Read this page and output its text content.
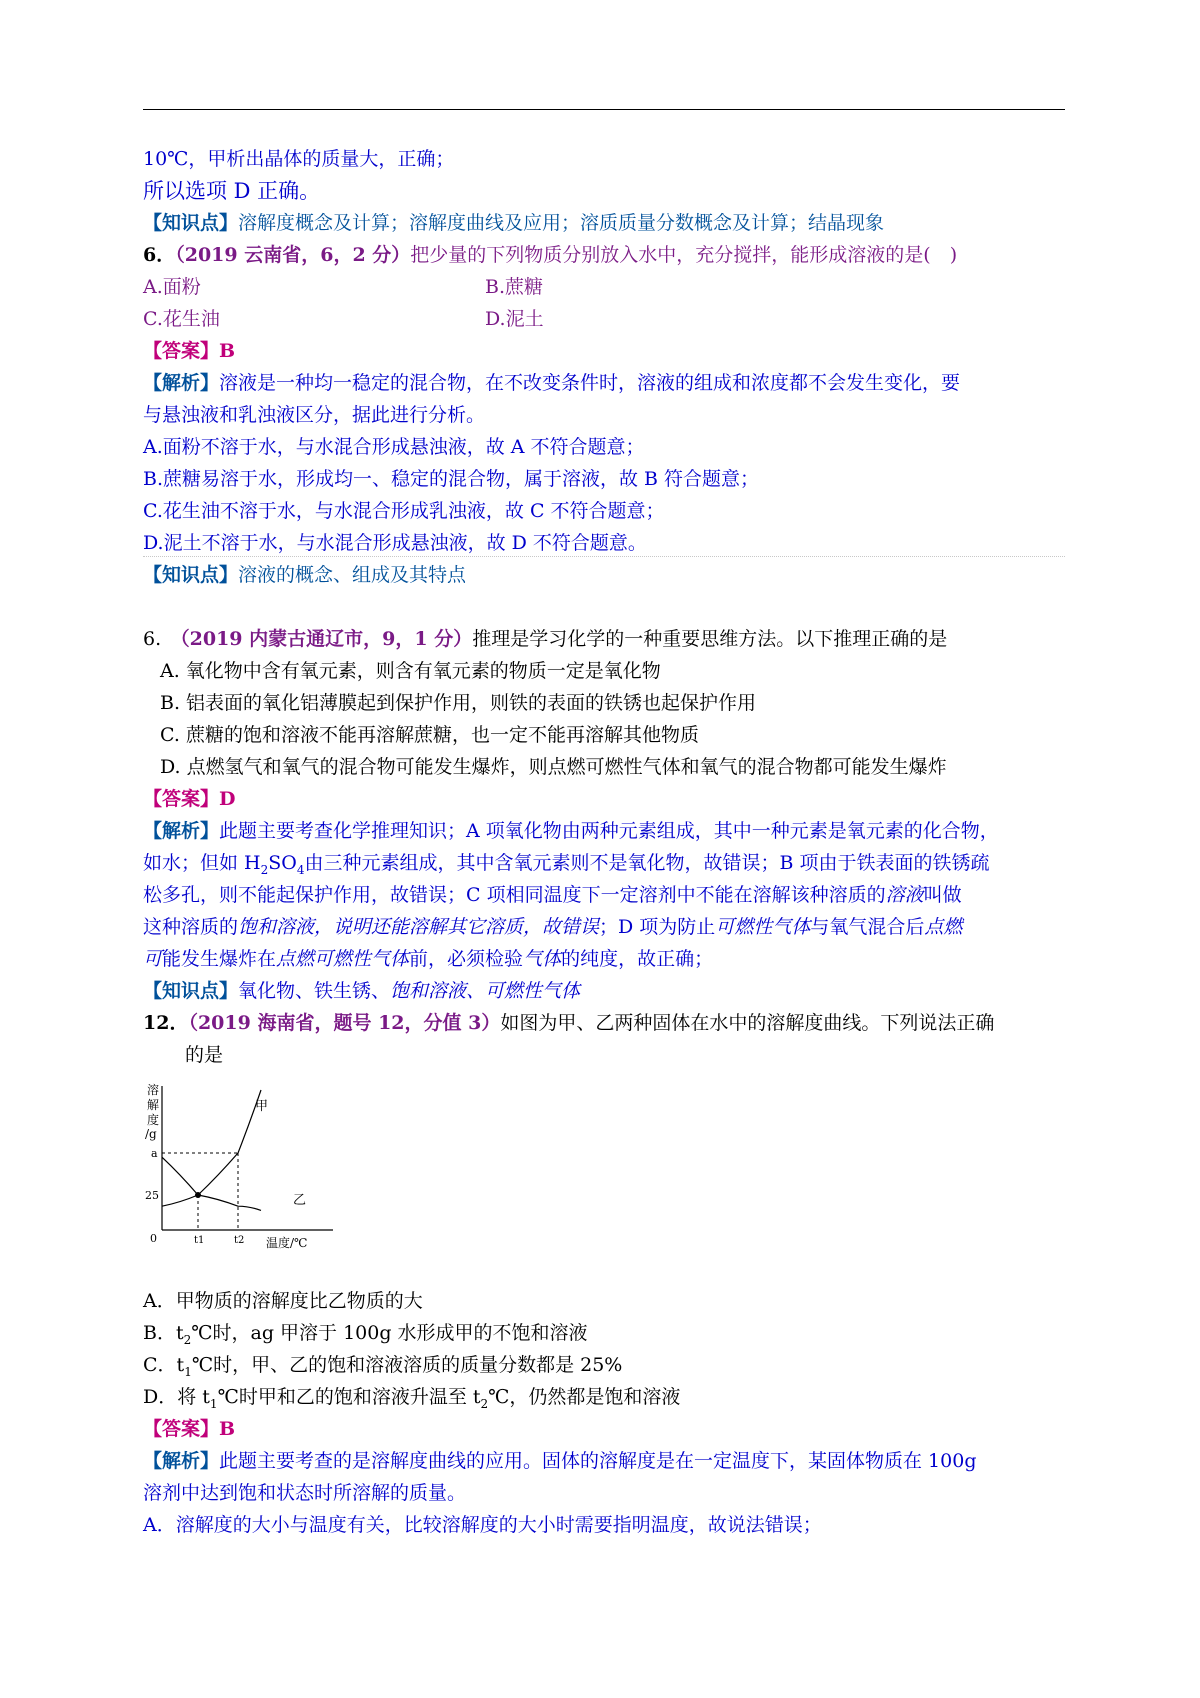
10℃，甲析出晶体的质量大，正确；
所以选项 D 正确。
【知识点】溶解度概念及计算；溶解度曲线及应用；溶质质量分数概念及计算；结晶现象
6．（2019 云南省，6，2 分）把少量的下列物质分别放入水中，充分搅拌，能形成溶液的是(　)
A.面粉	B.蔗糖
C.花生油	D.泥土
【答案】B
【解析】溶液是一种均一稳定的混合物，在不改变条件时，溶液的组成和浓度都不会发生变化，要
与悬浊液和乳浊液区分，据此进行分析。
A.面粉不溶于水，与水混合形成悬浊液，故 A 不符合题意；
B.蔗糖易溶于水，形成均一、稳定的混合物，属于溶液，故 B 符合题意；
C.花生油不溶于水，与水混合形成乳浊液，故 C 不符合题意；
D.泥土不溶于水，与水混合形成悬浊液，故 D 不符合题意。
【知识点】溶液的概念、组成及其特点
6.　（2019 内蒙古通辽市，9，1 分）推理是学习化学的一种重要思维方法。以下推理正确的是
A. 氧化物中含有氧元素，则含有氧元素的物质一定是氧化物
B. 铝表面的氧化铝薄膜起到保护作用，则铁的表面的铁锈也起保护作用
C. 蔗糖的饱和溶液不能再溶解蔗糖，也一定不能再溶解其他物质
D. 点燃氢气和氧气的混合物可能发生爆炸，则点燃可燃性气体和氧气的混合物都可能发生爆炸
【答案】D
【解析】此题主要考查化学推理知识；A 项氧化物由两种元素组成，其中一种元素是氧元素的化合物，
如水；但如 $H_2SO_4$由三种元素组成，其中含氧元素则不是氧化物，故错误；B 项由于铁表面的铁锈疏
松多孔，则不能起保护作用，故错误；C 项相同温度下一定溶剂中不能在溶解该种溶质的溶液叫做
这种溶质的饱和溶液，说明还能溶解其它溶质，故错误；D 项为防止可燃性气体与氧气混合后点燃
可能发生爆炸在点燃可燃性气体前，必须检验气体的纯度，故正确；
【知识点】氧化物、铁生锈、饱和溶液、可燃性气体
12．（2019 海南省，题号 12，分值 3）如图为甲、乙两种固体在水中的溶解度曲线。下列说法正确
的是
溶
解
度
/g
0
a
25
甲
乙
t1	t2 温度/℃
A．甲物质的溶解度比乙物质的大
B．$t_2℃$时，ag 甲溶于 100g 水形成甲的不饱和溶液
C．$t_1℃$时，甲、乙的饱和溶液溶质的质量分数都是 25%
D．将 $t_1℃$时甲和乙的饱和溶液升温至 $t_2℃$，仍然都是饱和溶液
【答案】B
【解析】此题主要考查的是溶解度曲线的应用。固体的溶解度是在一定温度下，某固体物质在 100g
溶剂中达到饱和状态时所溶解的质量。
A．溶解度的大小与温度有关，比较溶解度的大小时需要指明温度，故说法错误；
